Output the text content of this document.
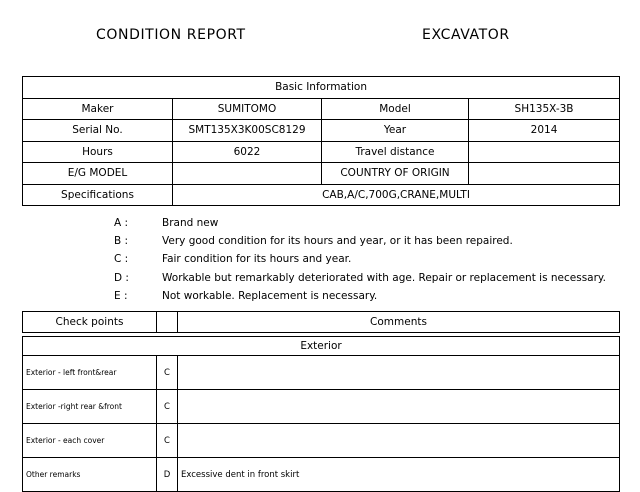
CONDITION REPORT	EXCAVATOR
Basic Information			
Maker	SUMITOMO	Model	SH135X-3B
Serial No.	SMT135X3K00SC8129	Year	2014
Hours	6022	Travel distance	
E/G MODEL		COUNTRY OF ORIGIN	
Specifications	CAB,A/C,700G,CRANE,MULTI		
A :	Brand new
B :	Very good condition for its hours and year, or it has been repaired.
C :	Fair condition for its hours and year.
D :	Workable but remarkably deteriorated with age. Repair or replacement is necessary.
E :	Not workable. Replacement is necessary.
Check points		Comments
Exterior		
Exterior - left front&rear	C	
Exterior -right rear &front	C	
Exterior - each cover	C	
Other remarks	D	Excessive dent in front skirt
